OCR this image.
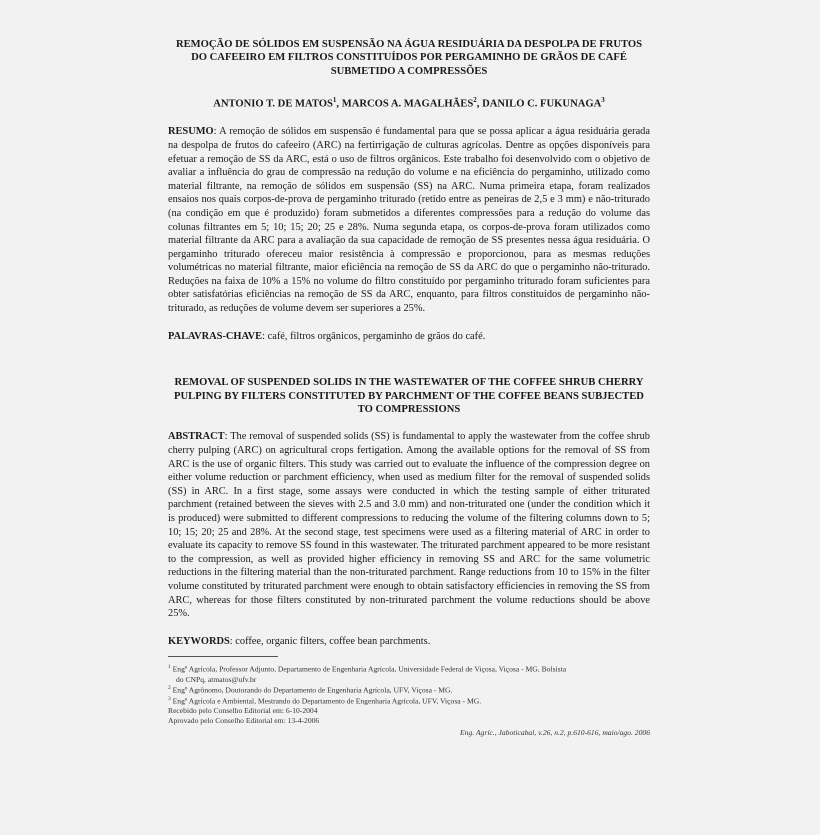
REMOÇÃO DE SÓLIDOS EM SUSPENSÃO NA ÁGUA RESIDUÁRIA DA DESPOLPA DE FRUTOS DO CAFEEIRO EM FILTROS CONSTITUÍDOS POR PERGAMINHO DE GRÃOS DE CAFÉ SUBMETIDO A COMPRESSÕES

ANTONIO T. DE MATOS$^1$, MARCOS A. MAGALHÃES$^2$, DANILO C. FUKUNAGA$^3$

RESUMO: A remoção de sólidos em suspensão é fundamental para que se possa aplicar a água residuária gerada na despolpa de frutos do cafeeiro (ARC) na fertirrigação de culturas agrícolas. Dentre as opções disponíveis para efetuar a remoção de SS da ARC, está o uso de filtros orgânicos. Este trabalho foi desenvolvido com o objetivo de avaliar a influência do grau de compressão na redução do volume e na eficiência do pergaminho, utilizado como material filtrante, na remoção de sólidos em suspensão (SS) na ARC. Numa primeira etapa, foram realizados ensaios nos quais corpos-de-prova de pergaminho triturado (retido entre as peneiras de 2,5 e 3 mm) e não-triturado (na condição em que é produzido) foram submetidos a diferentes compressões para a redução do volume das colunas filtrantes em 5; 10; 15; 20; 25 e 28%. Numa segunda etapa, os corpos-de-prova foram utilizados como material filtrante da ARC para a avaliação da sua capacidade de remoção de SS presentes nessa água residuária. O pergaminho triturado ofereceu maior resistência à compressão e proporcionou, para as mesmas reduções volumétricas no material filtrante, maior eficiência na remoção de SS da ARC do que o pergaminho não-triturado. Reduções na faixa de 10% a 15% no volume do filtro constituído por pergaminho triturado foram suficientes para obter satisfatórias eficiências na remoção de SS da ARC, enquanto, para filtros constituídos de pergaminho não-triturado, as reduções de volume devem ser superiores a 25%.

PALAVRAS-CHAVE: café, filtros orgânicos, pergaminho de grãos do café.

REMOVAL OF SUSPENDED SOLIDS IN THE WASTEWATER OF THE COFFEE SHRUB CHERRY PULPING BY FILTERS CONSTITUTED BY PARCHMENT OF THE COFFEE BEANS SUBJECTED TO COMPRESSIONS

ABSTRACT: The removal of suspended solids (SS) is fundamental to apply the wastewater from the coffee shrub cherry pulping (ARC) on agricultural crops fertigation. Among the available options for the removal of SS from ARC is the use of organic filters. This study was carried out to evaluate the influence of the compression degree on either volume reduction or parchment efficiency, when used as medium filter for the removal of suspended solids (SS) in ARC. In a first stage, some assays were conducted in which the testing sample of either triturated parchment (retained between the sieves with 2.5 and 3.0 mm) and non-triturated one (under the condition which it is produced) were submitted to different compressions to reducing the volume of the filtering columns down to 5; 10; 15; 20; 25 and 28%. At the second stage, test specimens were used as a filtering material of ARC in order to evaluate its capacity to remove SS found in this wastewater. The triturated parchment appeared to be more resistant to the compression, as well as provided higher efficiency in removing SS and ARC for the same volumetric reductions in the filtering material than the non-triturated parchment. Range reductions from 10 to 15% in the filter volume constituted by triturated parchment were enough to obtain satisfactory efficiencies in removing the SS from ARC, whereas for those filters constituted by non-triturated parchment the volume reductions should be above 25%.

KEYWORDS: coffee, organic filters, coffee bean parchments.

$^1$ Engº Agrícola, Professor Adjunto, Departamento de Engenharia Agrícola, Universidade Federal de Viçosa, Viçosa - MG, Bolsista
do CNPq, atmatos@ufv.br

$^2$ Engº Agrônomo, Doutorando do Departamento de Engenharia Agrícola, UFV, Viçosa - MG.

$^3$ Engº Agrícola e Ambiental, Mestrando do Departamento de Engenharia Agrícola, UFV, Viçosa - MG.

Recebido pelo Conselho Editorial em: 6-10-2004

Aprovado pelo Conselho Editorial em: 13-4-2006

Eng. Agríc., Jaboticabal, v.26, n.2, p.610-616, maio/ago. 2006
